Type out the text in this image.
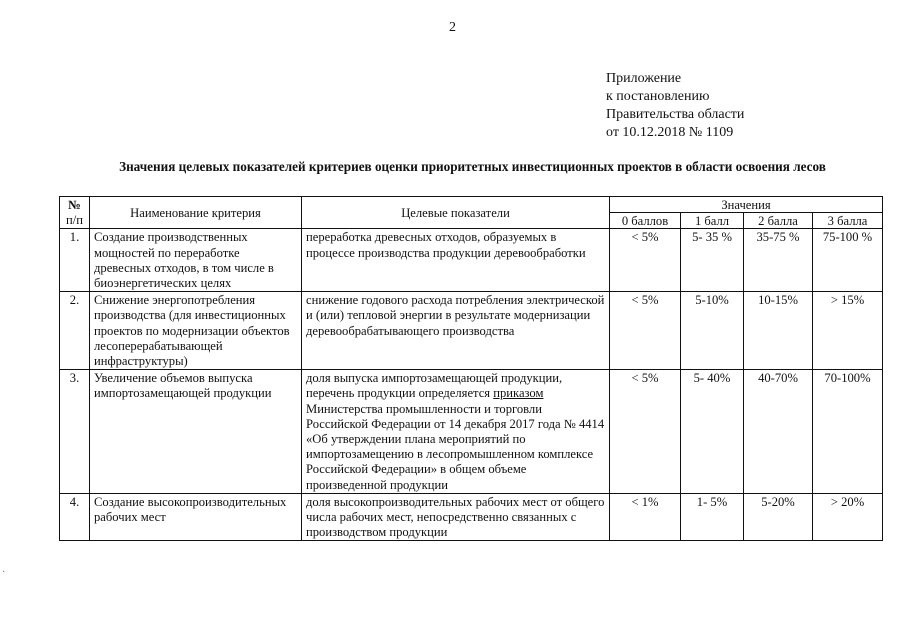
2
Приложение
к постановлению
Правительства области
от 10.12.2018 № 1109
Значения целевых показателей критериев оценки приоритетных инвестиционных проектов в области освоения лесов
№
п/п	Наименование критерия	Целевые показатели	Значения			
			0 баллов	1 балл	2 балла	3 балла
1.	Создание производственных мощностей по переработке древесных отходов, в том числе в биоэнергетических целях	переработка древесных отходов, образуемых в процессе производства продукции деревообработки	< 5%	5- 35 %	35-75 %	75-100 %
2.	Снижение энергопотребления производства (для инвестиционных проектов по модернизации объектов лесоперерабатывающей инфраструктуры)	снижение годового расхода потребления электрической и (или) тепловой энергии в результате модернизации деревообрабатывающего производства	< 5%	5-10%	10-15%	> 15%
3.	Увеличение объемов выпуска импортозамещающей продукции	доля выпуска импортозамещающей продукции, перечень продукции определяется приказом Министерства промышленности и торговли Российской Федерации от 14 декабря 2017 года № 4414 «Об утверждении плана мероприятий по импортозамещению в лесопромышленном комплексе Российской Федерации» в общем объеме произведенной продукции	< 5%	5- 40%	40-70%	70-100%
4.	Создание высокопроизводительных рабочих мест	доля высокопроизводительных рабочих мест от общего числа рабочих мест, непосредственно связанных с производством продукции	< 1%	1- 5%	5-20%	> 20%
·
